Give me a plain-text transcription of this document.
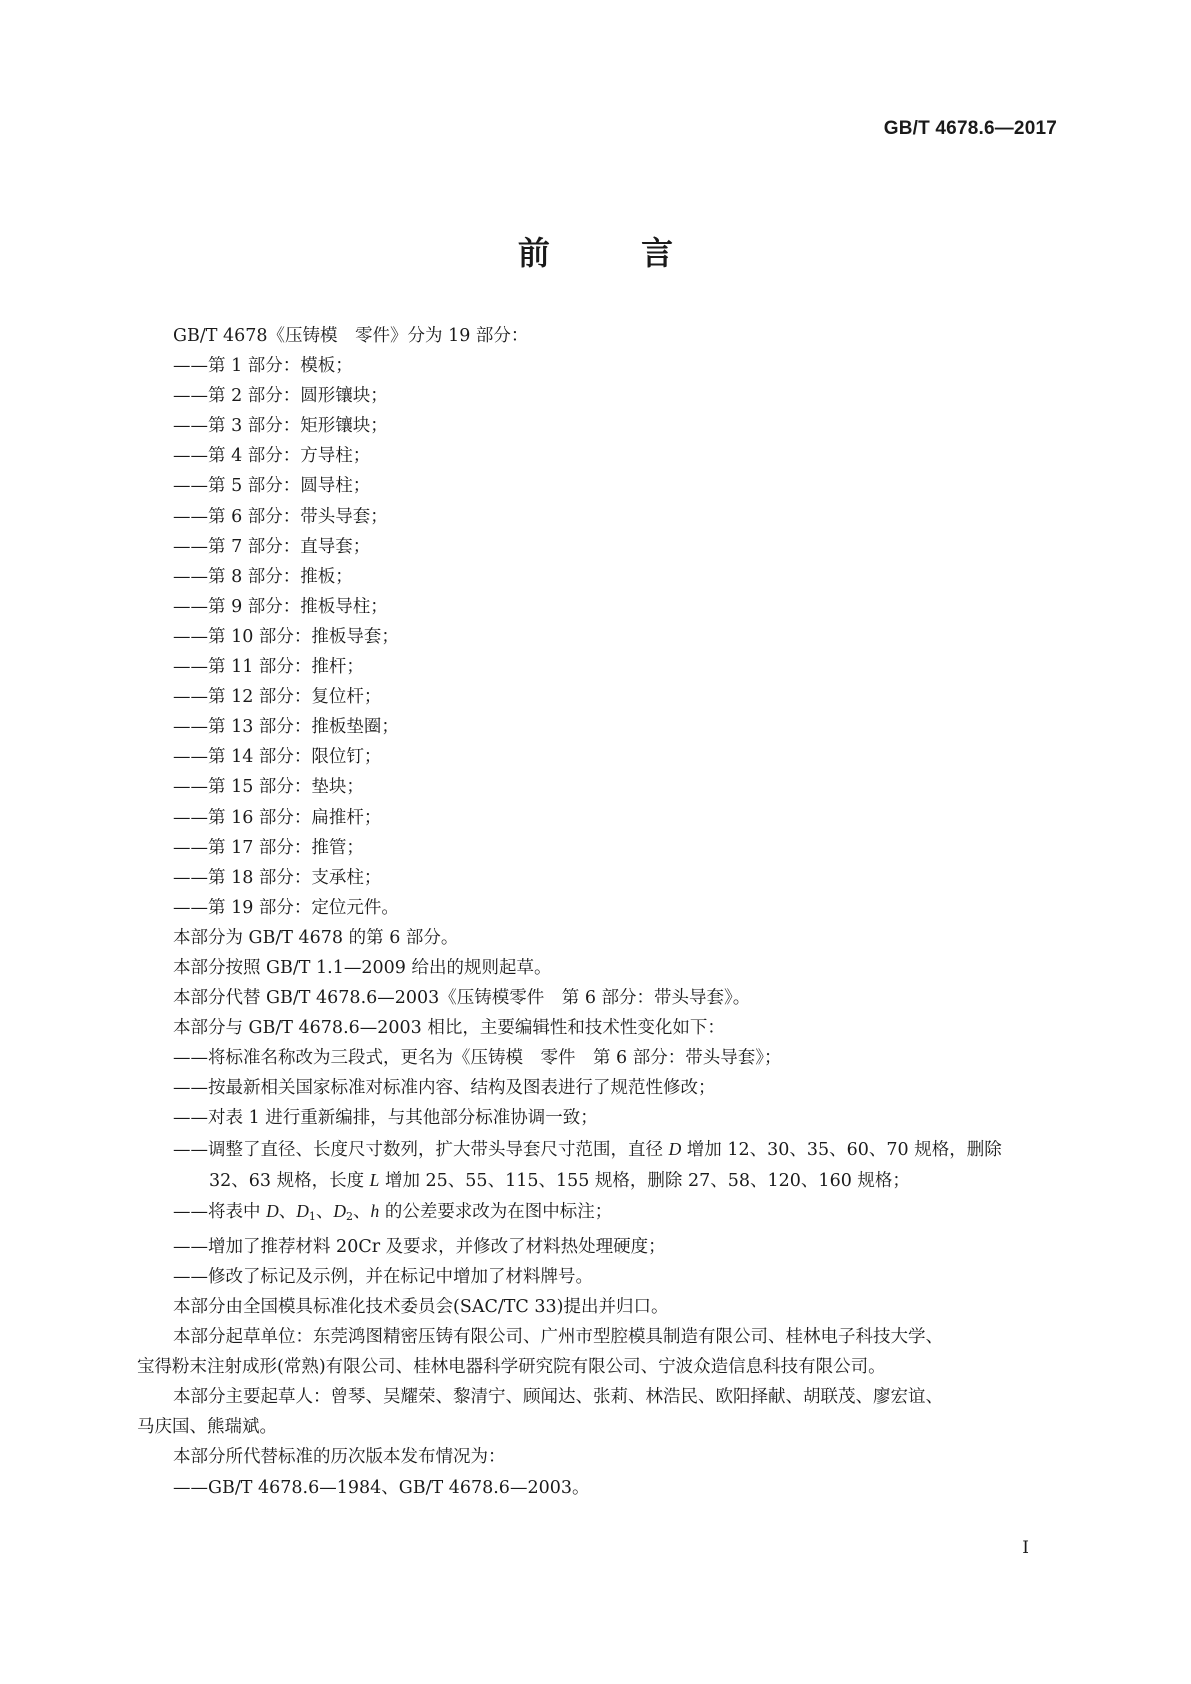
GB/T 4678.6—2017
前 言
GB/T 4678《压铸模　零件》分为 19 部分：
——第 1 部分：模板；
——第 2 部分：圆形镶块；
——第 3 部分：矩形镶块；
——第 4 部分：方导柱；
——第 5 部分：圆导柱；
——第 6 部分：带头导套；
——第 7 部分：直导套；
——第 8 部分：推板；
——第 9 部分：推板导柱；
——第 10 部分：推板导套；
——第 11 部分：推杆；
——第 12 部分：复位杆；
——第 13 部分：推板垫圈；
——第 14 部分：限位钉；
——第 15 部分：垫块；
——第 16 部分：扁推杆；
——第 17 部分：推管；
——第 18 部分：支承柱；
——第 19 部分：定位元件。
本部分为 GB/T 4678 的第 6 部分。
本部分按照 GB/T 1.1—2009 给出的规则起草。
本部分代替 GB/T 4678.6—2003《压铸模零件　第 6 部分：带头导套》。
本部分与 GB/T 4678.6—2003 相比，主要编辑性和技术性变化如下：
——将标准名称改为三段式，更名为《压铸模　零件　第 6 部分：带头导套》；
——按最新相关国家标准对标准内容、结构及图表进行了规范性修改；
——对表 1 进行重新编排，与其他部分标准协调一致；
——调整了直径、长度尺寸数列，扩大带头导套尺寸范围，直径 D 增加 12、30、35、60、70 规格，删除
32、63 规格，长度 L 增加 25、55、115、155 规格，删除 27、58、120、160 规格；
——将表中 D、$D_1$、$D_2$、h 的公差要求改为在图中标注；
——增加了推荐材料 20Cr 及要求，并修改了材料热处理硬度；
——修改了标记及示例，并在标记中增加了材料牌号。
本部分由全国模具标准化技术委员会(SAC/TC 33)提出并归口。
本部分起草单位：东莞鸿图精密压铸有限公司、广州市型腔模具制造有限公司、桂林电子科技大学、
宝得粉末注射成形(常熟)有限公司、桂林电器科学研究院有限公司、宁波众造信息科技有限公司。
本部分主要起草人：曾琴、吴耀荣、黎清宁、顾闻达、张莉、林浩民、欧阳择献、胡联茂、廖宏谊、
马庆国、熊瑞斌。
本部分所代替标准的历次版本发布情况为：
——GB/T 4678.6—1984、GB/T 4678.6—2003。
I
